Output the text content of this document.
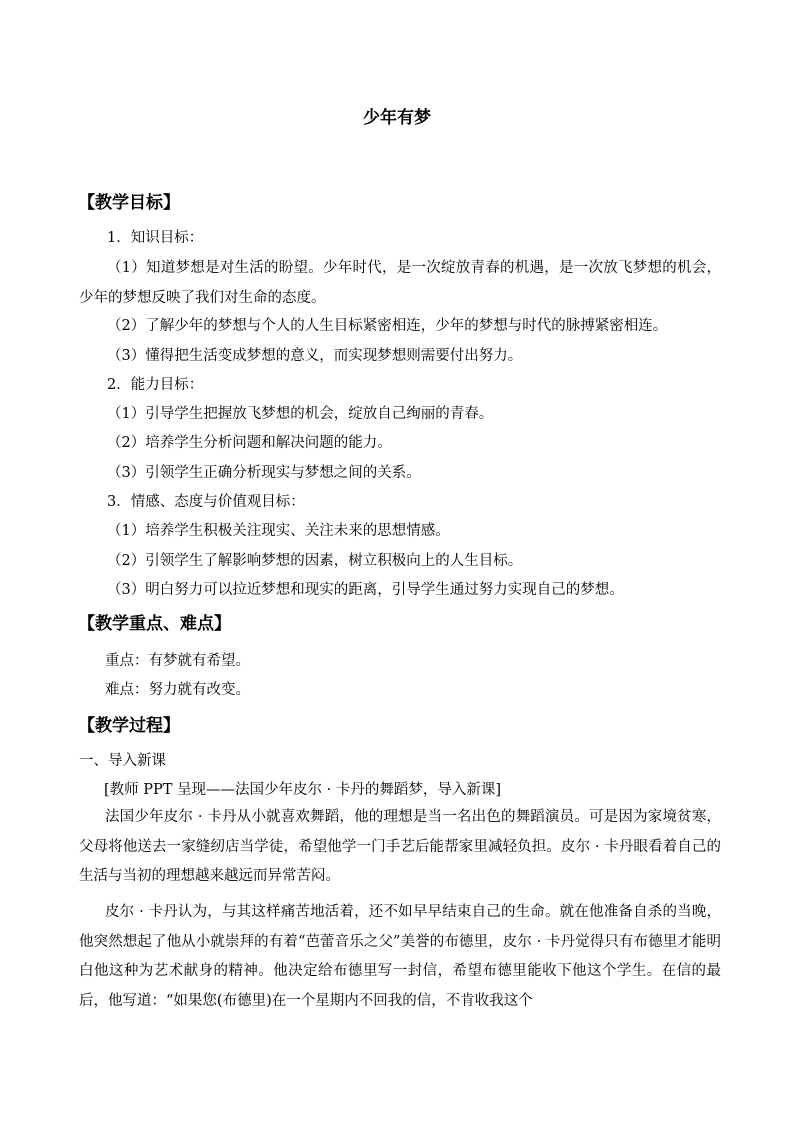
少年有梦
【教学目标】
1．知识目标：
（1）知道梦想是对生活的盼望。少年时代，是一次绽放青春的机遇，是一次放飞梦想的机会，少年的梦想反映了我们对生命的态度。
（2）了解少年的梦想与个人的人生目标紧密相连，少年的梦想与时代的脉搏紧密相连。
（3）懂得把生活变成梦想的意义，而实现梦想则需要付出努力。
2．能力目标：
（1）引导学生把握放飞梦想的机会，绽放自己绚丽的青春。
（2）培养学生分析问题和解决问题的能力。
（3）引领学生正确分析现实与梦想之间的关系。
3．情感、态度与价值观目标：
（1）培养学生积极关注现实、关注未来的思想情感。
（2）引领学生了解影响梦想的因素，树立积极向上的人生目标。
（3）明白努力可以拉近梦想和现实的距离，引导学生通过努力实现自己的梦想。
【教学重点、难点】
重点：有梦就有希望。
难点：努力就有改变。
【教学过程】
一、导入新课
[教师 PPT 呈现——法国少年皮尔 · 卡丹的舞蹈梦，导入新课]
法国少年皮尔 · 卡丹从小就喜欢舞蹈，他的理想是当一名出色的舞蹈演员。可是因为家境贫寒，父母将他送去一家缝纫店当学徒，希望他学一门手艺后能帮家里减轻负担。皮尔 · 卡丹眼看着自己的生活与当初的理想越来越远而异常苦闷。
皮尔 · 卡丹认为，与其这样痛苦地活着，还不如早早结束自己的生命。就在他准备自杀的当晚，他突然想起了他从小就崇拜的有着“芭蕾音乐之父”美誉的布德里，皮尔 · 卡丹觉得只有布德里才能明白他这种为艺术献身的精神。他决定给布德里写一封信，希望布德里能收下他这个学生。在信的最后，他写道：“如果您(布德里)在一个星期内不回我的信，不肯收我这个
